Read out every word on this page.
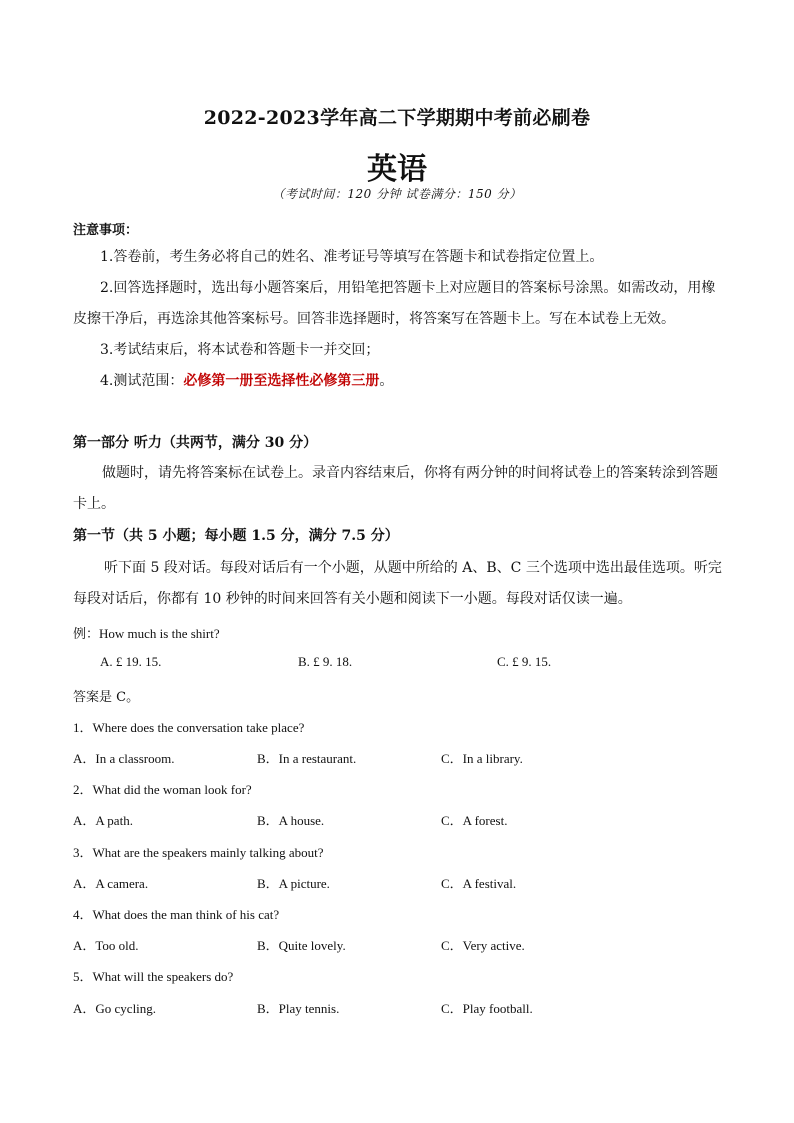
2022-2023学年高二下学期期中考前必刷卷
英语
（考试时间：120 分钟 试卷满分：150 分）
注意事项：
1.答卷前，考生务必将自己的姓名、准考证号等填写在答题卡和试卷指定位置上。
2.回答选择题时，选出每小题答案后，用铅笔把答题卡上对应题目的答案标号涂黑。如需改动，用橡
皮擦干净后，再选涂其他答案标号。回答非选择题时，将答案写在答题卡上。写在本试卷上无效。
3.考试结束后，将本试卷和答题卡一并交回；
4.测试范围：必修第一册至选择性必修第三册。
第一部分 听力（共两节，满分 30 分）
做题时，请先将答案标在试卷上。录音内容结束后，你将有两分钟的时间将试卷上的答案转涂到答题
卡上。
第一节（共 5 小题；每小题 1.5 分，满分 7.5 分）
听下面 5 段对话。每段对话后有一个小题，从题中所给的 A、B、C 三个选项中选出最佳选项。听完
每段对话后，你都有 10 秒钟的时间来回答有关小题和阅读下一小题。每段对话仅读一遍。
例：How much is the shirt?
A. £ 19. 15.	B. £ 9. 18.	C. £ 9. 15.
答案是 C。
1．Where does the conversation take place?
A．In a classroom.	B．In a restaurant.	C．In a library.
2．What did the woman look for?
A．A path.	B．A house.	C．A forest.
3．What are the speakers mainly talking about?
A．A camera.	B．A picture.	C．A festival.
4．What does the man think of his cat?
A．Too old.	B．Quite lovely.	C．Very active.
5．What will the speakers do?
A．Go cycling.	B．Play tennis.	C．Play football.
